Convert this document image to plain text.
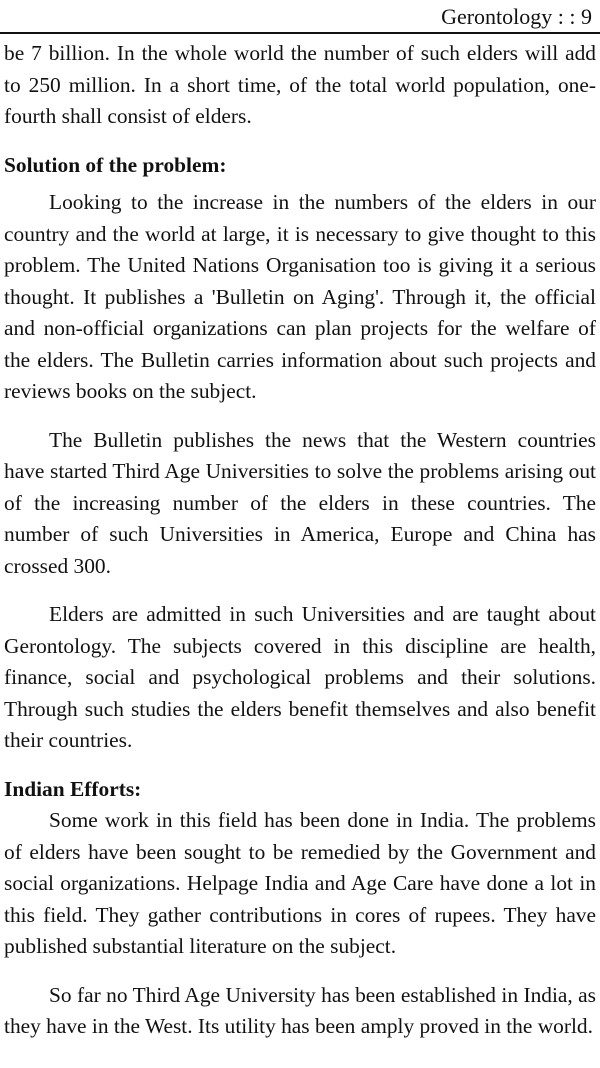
Gerontology : : 9

be 7 billion. In the whole world the number of such elders will add to 250 million. In a short time, of the total world population, one-fourth shall consist of elders.

Solution of the problem:

Looking to the increase in the numbers of the elders in our country and the world at large, it is necessary to give thought to this problem. The United Nations Organisation too is giving it a serious thought. It publishes a 'Bulletin on Aging'. Through it, the official and non-official organizations can plan projects for the welfare of the elders. The Bulletin carries information about such projects and reviews books on the subject.

The Bulletin publishes the news that the Western countries have started Third Age Universities to solve the problems arising out of the increasing number of the elders in these countries. The number of such Universities in America, Europe and China has crossed 300.

Elders are admitted in such Universities and are taught about Gerontology. The subjects covered in this discipline are health, finance, social and psychological problems and their solutions. Through such studies the elders benefit themselves and also benefit their countries.

Indian Efforts:

Some work in this field has been done in India. The problems of elders have been sought to be remedied by the Government and social organizations. Helpage India and Age Care have done a lot in this field. They gather contributions in cores of rupees. They have published substantial literature on the subject.

So far no Third Age University has been established in India, as they have in the West. Its utility has been amply proved in the world.
